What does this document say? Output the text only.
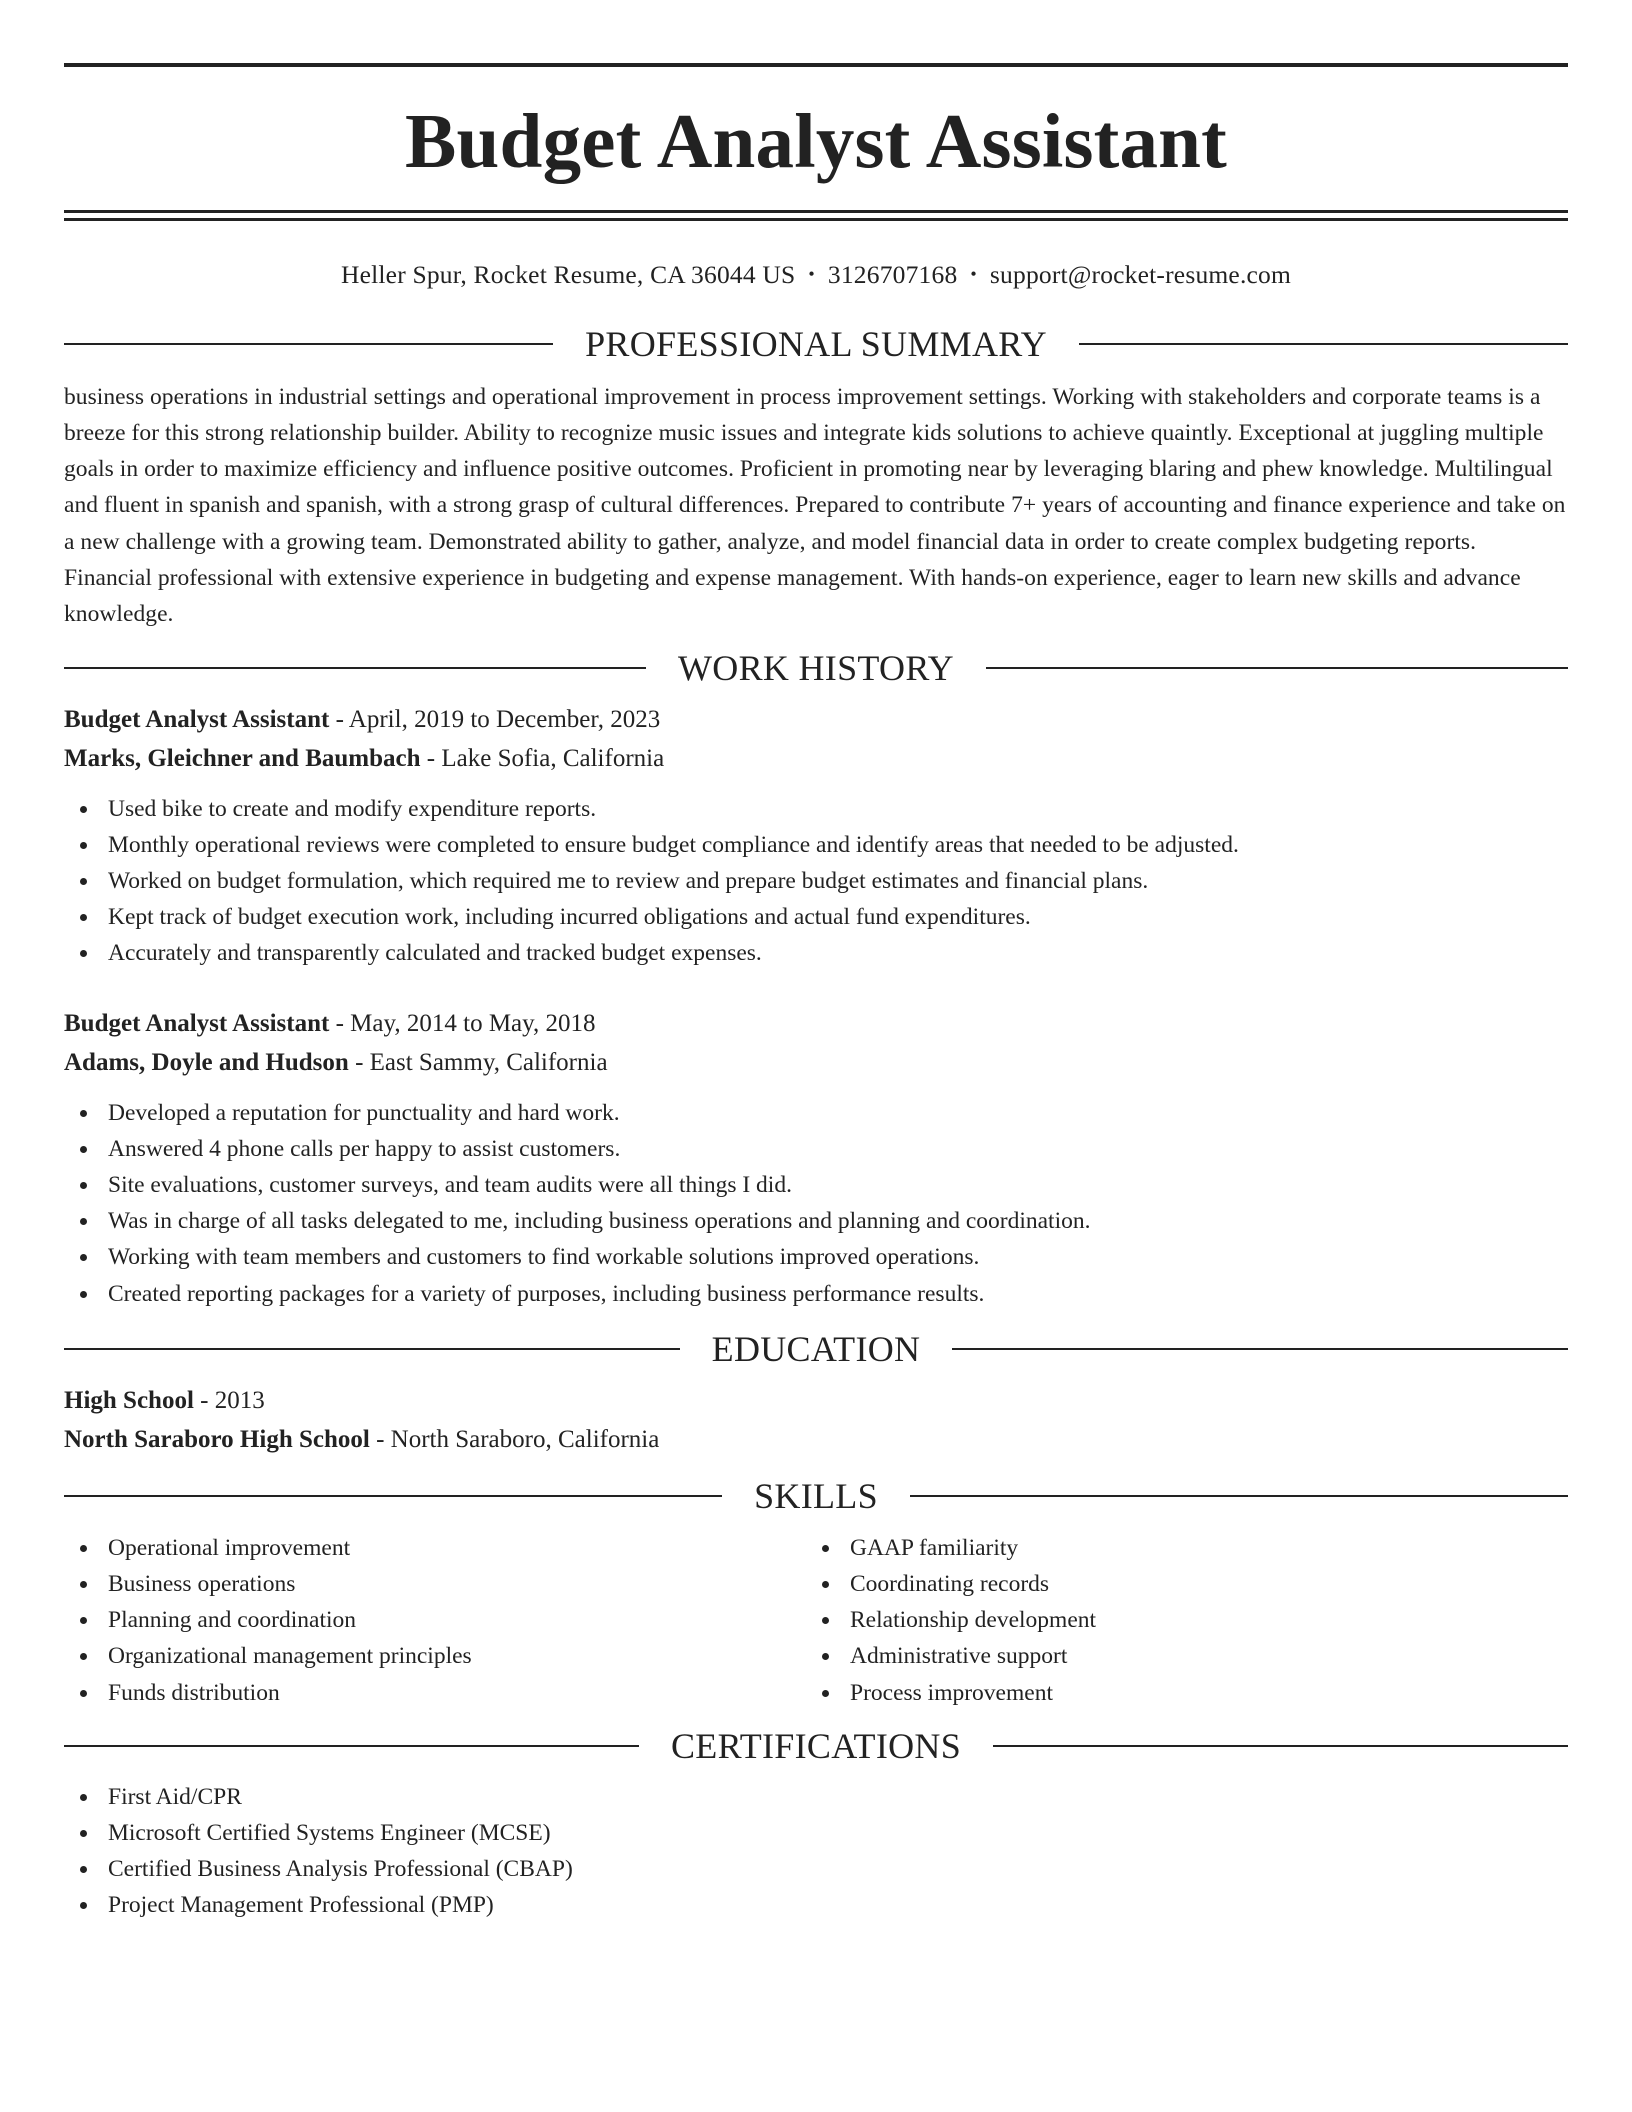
Budget Analyst Assistant
Heller Spur, Rocket Resume, CA 36044 US • 3126707168 • support@rocket-resume.com
PROFESSIONAL SUMMARY

business operations in industrial settings and operational improvement in process improvement settings. Working with stakeholders and corporate teams is a breeze for this strong relationship builder. Ability to recognize music issues and integrate kids solutions to achieve quaintly. Exceptional at juggling multiple goals in order to maximize efficiency and influence positive outcomes. Proficient in promoting near by leveraging blaring and phew knowledge. Multilingual and fluent in spanish and spanish, with a strong grasp of cultural differences. Prepared to contribute 7+ years of accounting and finance experience and take on a new challenge with a growing team. Demonstrated ability to gather, analyze, and model financial data in order to create complex budgeting reports. Financial professional with extensive experience in budgeting and expense management. With hands-on experience, eager to learn new skills and advance knowledge.

WORK HISTORY
Budget Analyst Assistant - April, 2019 to December, 2023
Marks, Gleichner and Baumbach - Lake Sofia, California
Used bike to create and modify expenditure reports.
Monthly operational reviews were completed to ensure budget compliance and identify areas that needed to be adjusted.
Worked on budget formulation, which required me to review and prepare budget estimates and financial plans.
Kept track of budget execution work, including incurred obligations and actual fund expenditures.
Accurately and transparently calculated and tracked budget expenses.
Budget Analyst Assistant - May, 2014 to May, 2018
Adams, Doyle and Hudson - East Sammy, California
Developed a reputation for punctuality and hard work.
Answered 4 phone calls per happy to assist customers.
Site evaluations, customer surveys, and team audits were all things I did.
Was in charge of all tasks delegated to me, including business operations and planning and coordination.
Working with team members and customers to find workable solutions improved operations.
Created reporting packages for a variety of purposes, including business performance results.
EDUCATION
High School - 2013
North Saraboro High School - North Saraboro, California
SKILLS
Operational improvement
Business operations
Planning and coordination
Organizational management principles
Funds distribution
GAAP familiarity
Coordinating records
Relationship development
Administrative support
Process improvement
CERTIFICATIONS
First Aid/CPR
Microsoft Certified Systems Engineer (MCSE)
Certified Business Analysis Professional (CBAP)
Project Management Professional (PMP)
